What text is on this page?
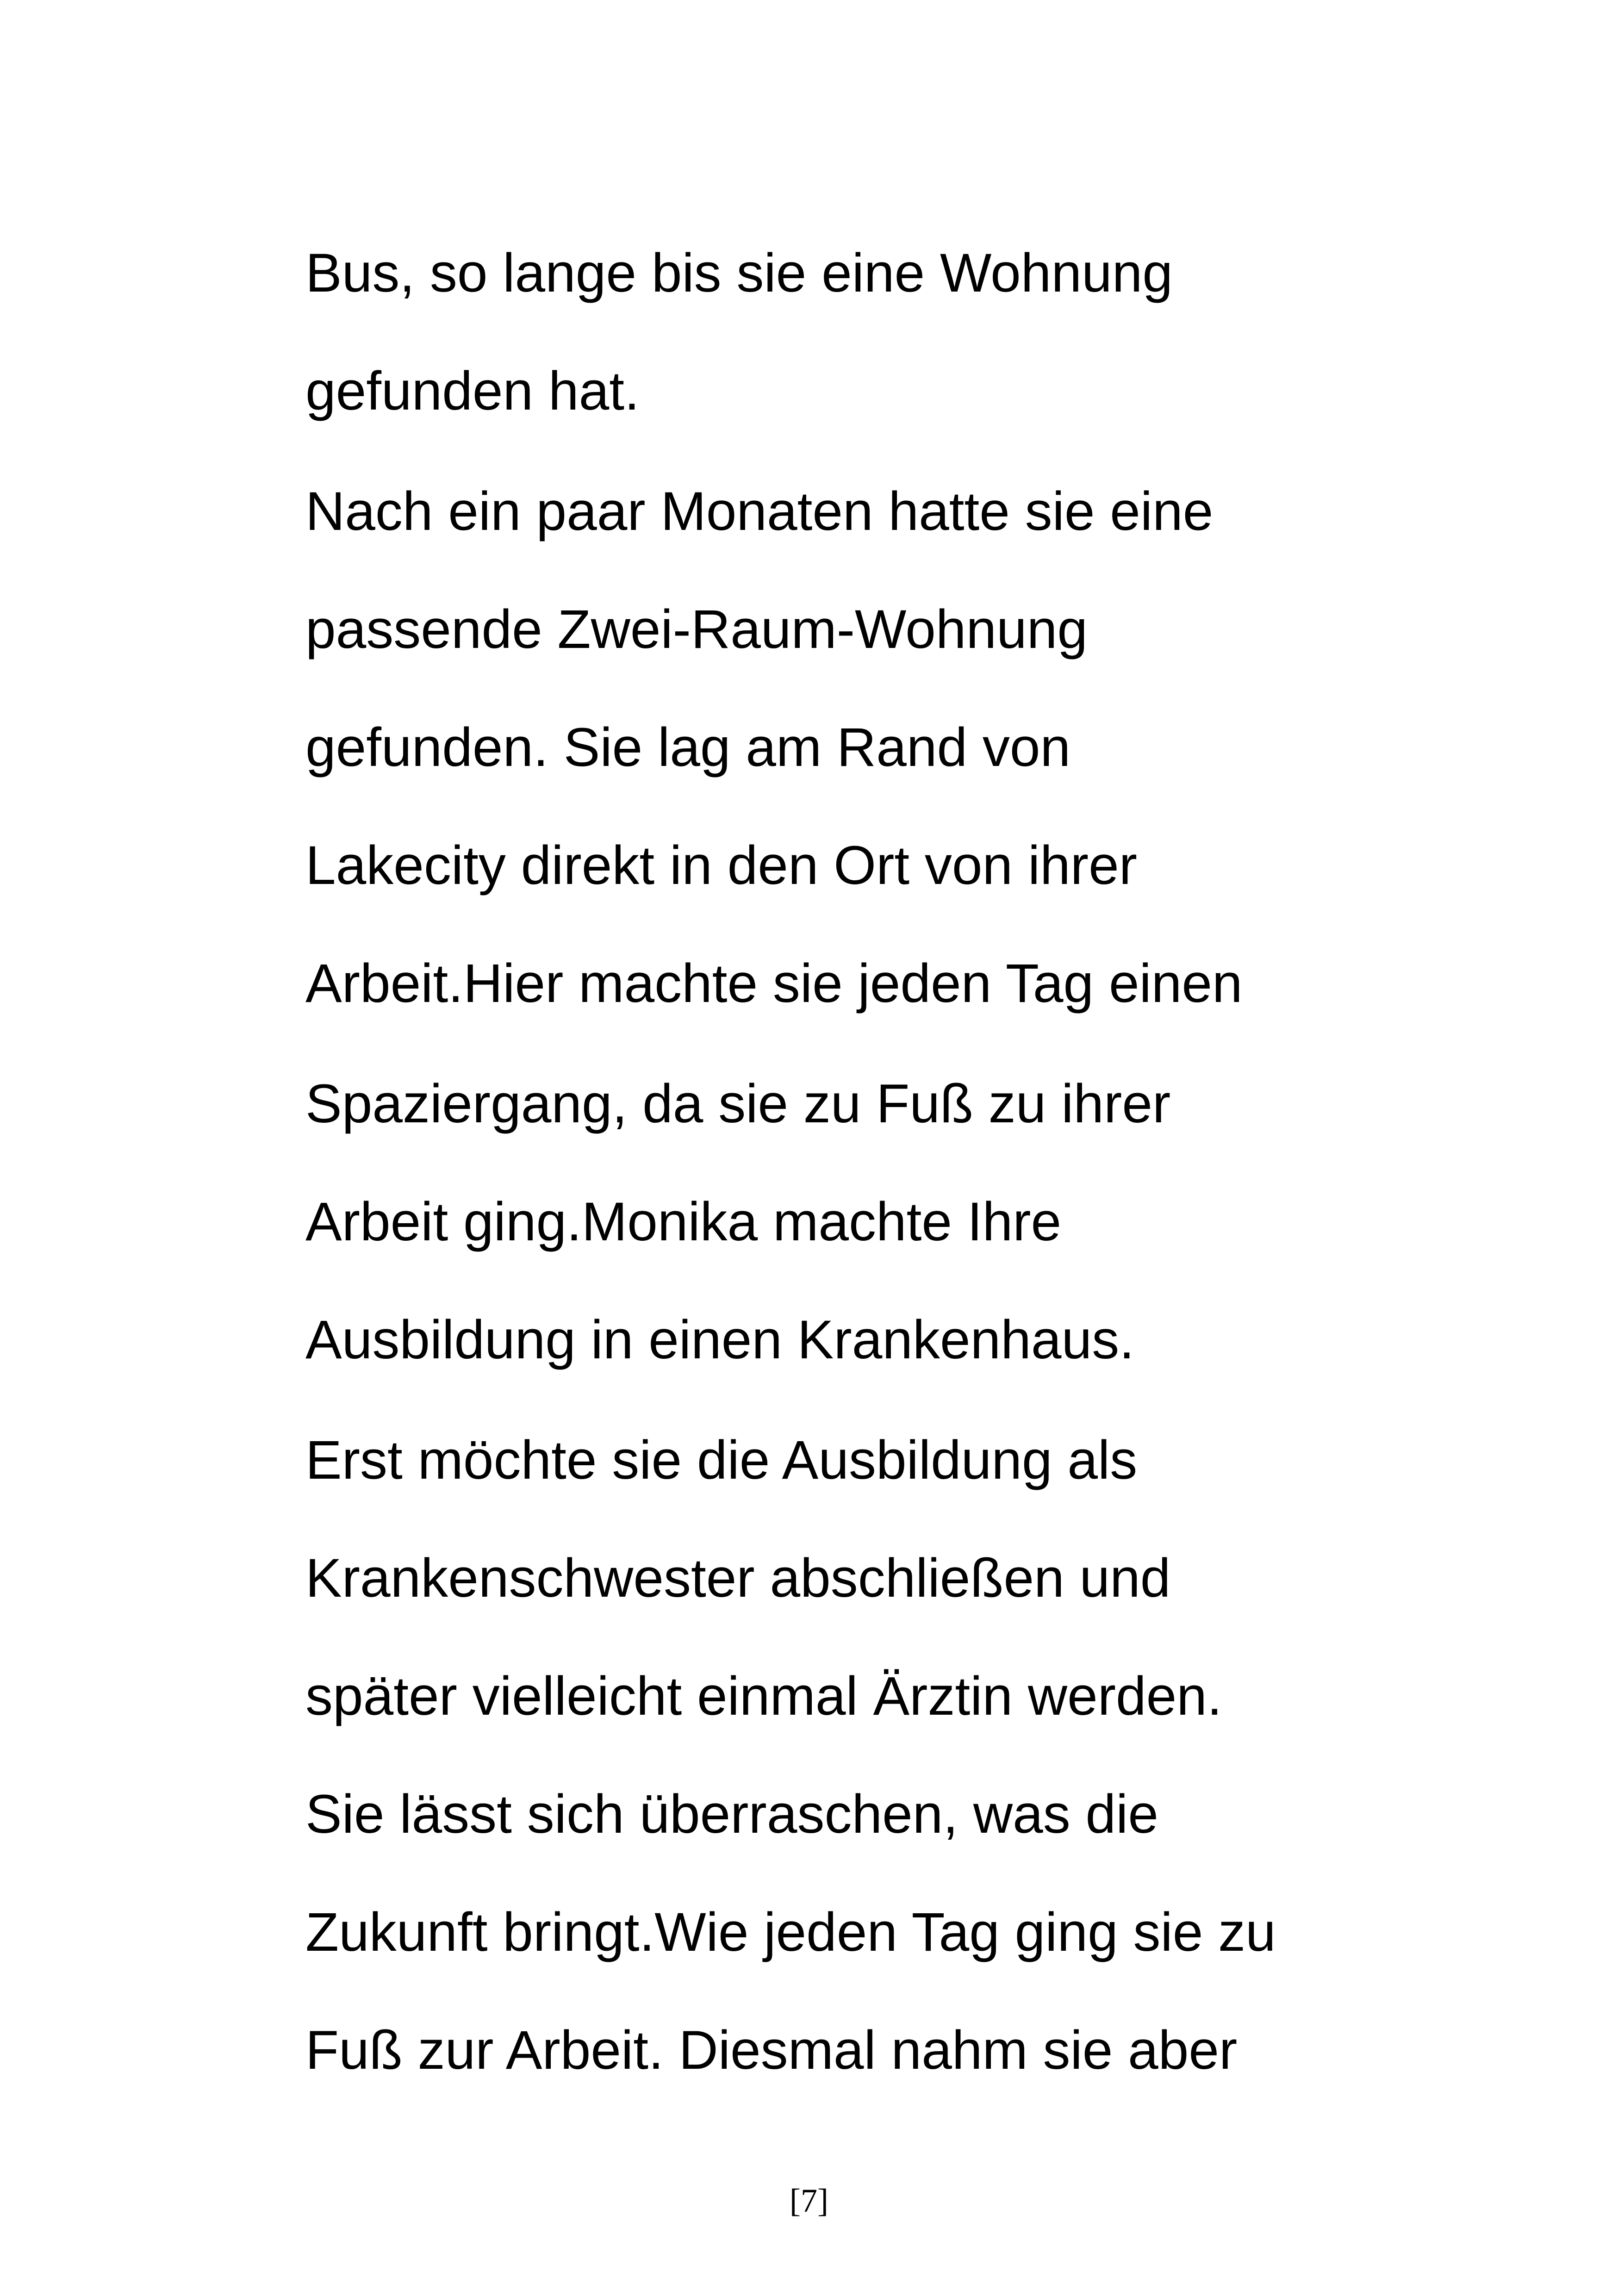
Bus, so lange bis sie eine Wohnung
gefunden hat.
Nach ein paar Monaten hatte sie eine
passende Zwei-Raum-Wohnung
gefunden. Sie lag am Rand von
Lakecity direkt in den Ort von ihrer
Arbeit.Hier machte sie jeden Tag einen
Spaziergang, da sie zu Fuß zu ihrer
Arbeit ging.Monika machte Ihre
Ausbildung in einen Krankenhaus.
Erst möchte sie die Ausbildung als
Krankenschwester abschließen und
später vielleicht einmal Ärztin werden.
Sie lässt sich überraschen, was die
Zukunft bringt.Wie jeden Tag ging sie zu
Fuß zur Arbeit. Diesmal nahm sie aber
[7]
